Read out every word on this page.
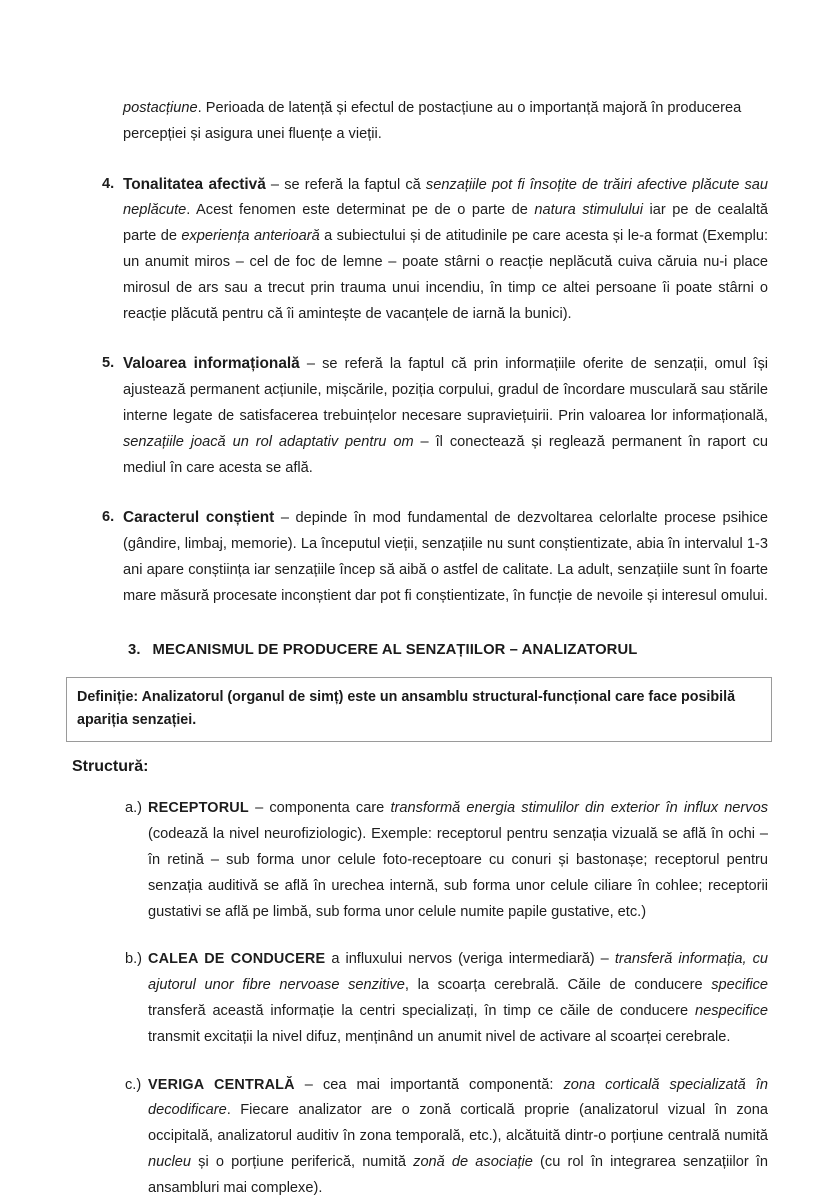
postacțiune. Perioada de latență și efectul de postacțiune au o importanță majoră în producerea percepției și asigura unei fluențe a vieții.

4. Tonalitatea afectivă – se referă la faptul că senzațiile pot fi însoțite de trăiri afective plăcute sau neplăcute. Acest fenomen este determinat pe de o parte de natura stimulului iar pe de cealaltă parte de experiența anterioară a subiectului și de atitudinile pe care acesta și le-a format (Exemplu: un anumit miros – cel de foc de lemne – poate stârni o reacție neplăcută cuiva căruia nu-i place mirosul de ars sau a trecut prin trauma unui incendiu, în timp ce altei persoane îi poate stârni o reacție plăcută pentru că îi amintește de vacanțele de iarnă la bunici).
5. Valoarea informațională – se referă la faptul că prin informațiile oferite de senzații, omul își ajustează permanent acțiunile, mișcările, poziția corpului, gradul de încordare musculară sau stările interne legate de satisfacerea trebuințelor necesare supraviețuirii. Prin valoarea lor informațională, senzațiile joacă un rol adaptativ pentru om – îl conectează și reglează permanent în raport cu mediul în care acesta se află.
6. Caracterul conștient – depinde în mod fundamental de dezvoltarea celorlalte procese psihice (gândire, limbaj, memorie). La începutul vieții, senzațiile nu sunt conștientizate, abia în intervalul 1-3 ani apare conștiința iar senzațiile încep să aibă o astfel de calitate. La adult, senzațiile sunt în foarte mare măsură procesate inconștient dar pot fi conștientizate, în funcție de nevoile și interesul omului.
3. MECANISMUL DE PRODUCERE AL SENZAȚIILOR – ANALIZATORUL
Definiție: Analizatorul (organul de simț) este un ansamblu structural-funcțional care face posibilă apariția senzației.
Structură:
a.) RECEPTORUL – componenta care transformă energia stimulilor din exterior în influx nervos (codează la nivel neurofiziologic). Exemple: receptorul pentru senzația vizuală se află în ochi – în retină – sub forma unor celule foto-receptoare cu conuri și bastonașe; receptorul pentru senzația auditivă se află în urechea internă, sub forma unor celule ciliare în cohlee; receptorii gustativi se află pe limbă, sub forma unor celule numite papile gustative, etc.)
b.) CALEA DE CONDUCERE a influxului nervos (veriga intermediară) – transferă informația, cu ajutorul unor fibre nervoase senzitive, la scoarța cerebrală. Căile de conducere specifice transferă această informație la centri specializați, în timp ce căile de conducere nespecifice transmit excitații la nivel difuz, menținând un anumit nivel de activare al scoarței cerebrale.
c.) VERIGA CENTRALĂ – cea mai importantă componentă: zona corticală specializată în decodificare. Fiecare analizator are o zonă corticală proprie (analizatorul vizual în zona occipitală, analizatorul auditiv în zona temporală, etc.), alcătuită dintr-o porțiune centrală numită nucleu și o porțiune periferică, numită zonă de asociație (cu rol în integrarea senzațiilor în ansambluri mai complexe).
